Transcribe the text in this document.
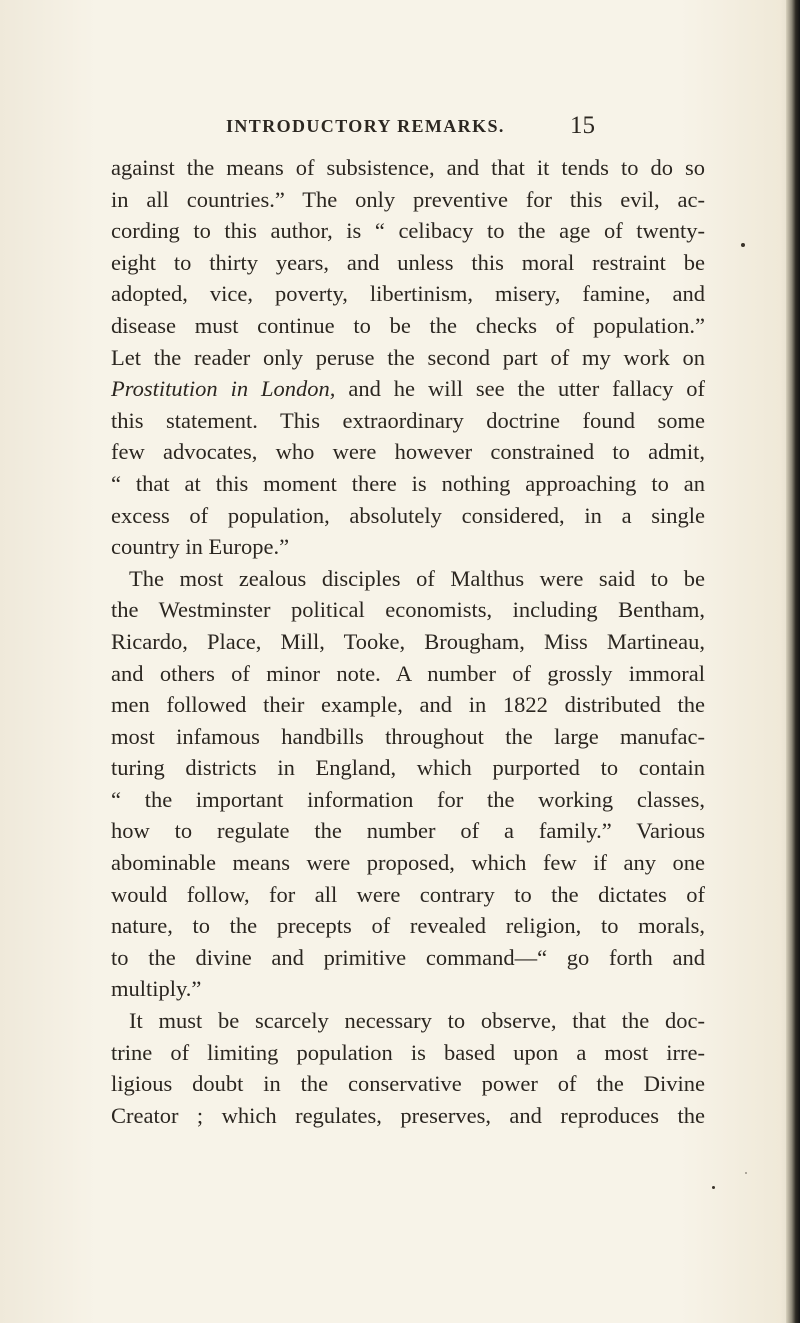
INTRODUCTORY REMARKS.	15
against the means of subsistence, and that it tends to do so
in all countries.” The only preventive for this evil, ac-
cording to this author, is “ celibacy to the age of twenty-
eight to thirty years, and unless this moral restraint be
adopted, vice, poverty, libertinism, misery, famine, and
disease must continue to be the checks of population.”
Let the reader only peruse the second part of my work on
Prostitution in London, and he will see the utter fallacy of
this statement. This extraordinary doctrine found some
few advocates, who were however constrained to admit,
“ that at this moment there is nothing approaching to an
excess of population, absolutely considered, in a single
country in Europe.”
The most zealous disciples of Malthus were said to be
the Westminster political economists, including Bentham,
Ricardo, Place, Mill, Tooke, Brougham, Miss Martineau,
and others of minor note. A number of grossly immoral
men followed their example, and in 1822 distributed the
most infamous handbills throughout the large manufac-
turing districts in England, which purported to contain
“ the important information for the working classes,
how to regulate the number of a family.” Various
abominable means were proposed, which few if any one
would follow, for all were contrary to the dictates of
nature, to the precepts of revealed religion, to morals,
to the divine and primitive command—“ go forth and
multiply.”
It must be scarcely necessary to observe, that the doc-
trine of limiting population is based upon a most irre-
ligious doubt in the conservative power of the Divine
Creator ; which regulates, preserves, and reproduces the
